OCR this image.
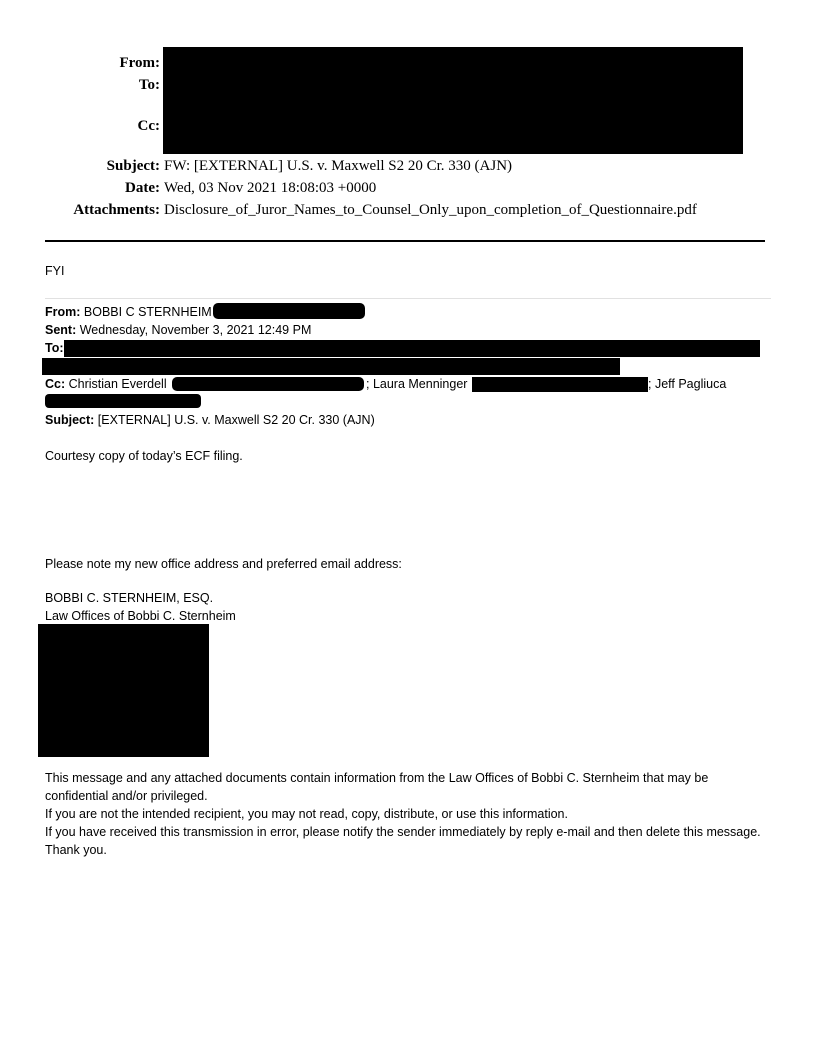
From:
To:
Cc:
Subject: FW: [EXTERNAL] U.S. v. Maxwell S2 20 Cr. 330 (AJN)
Date: Wed, 03 Nov 2021 18:08:03 +0000
Attachments: Disclosure_of_Juror_Names_to_Counsel_Only_upon_completion_of_Questionnaire.pdf
FYI
From: BOBBI C STERNHEIM
Sent: Wednesday, November 3, 2021 12:49 PM
To:
Cc: Christian Everdell	; Laura Menninger	; Jeff Pagliuca
Subject: [EXTERNAL] U.S. v. Maxwell S2 20 Cr. 330 (AJN)
Courtesy copy of today’s ECF filing.
Please note my new office address and preferred email address:
BOBBI C. STERNHEIM, ESQ.
Law Offices of Bobbi C. Sternheim
This message and any attached documents contain information from the Law Offices of Bobbi C. Sternheim that may be confidential and/or privileged.
If you are not the intended recipient, you may not read, copy, distribute, or use this information.
If you have received this transmission in error, please notify the sender immediately by reply e-mail and then delete this message. Thank you.
